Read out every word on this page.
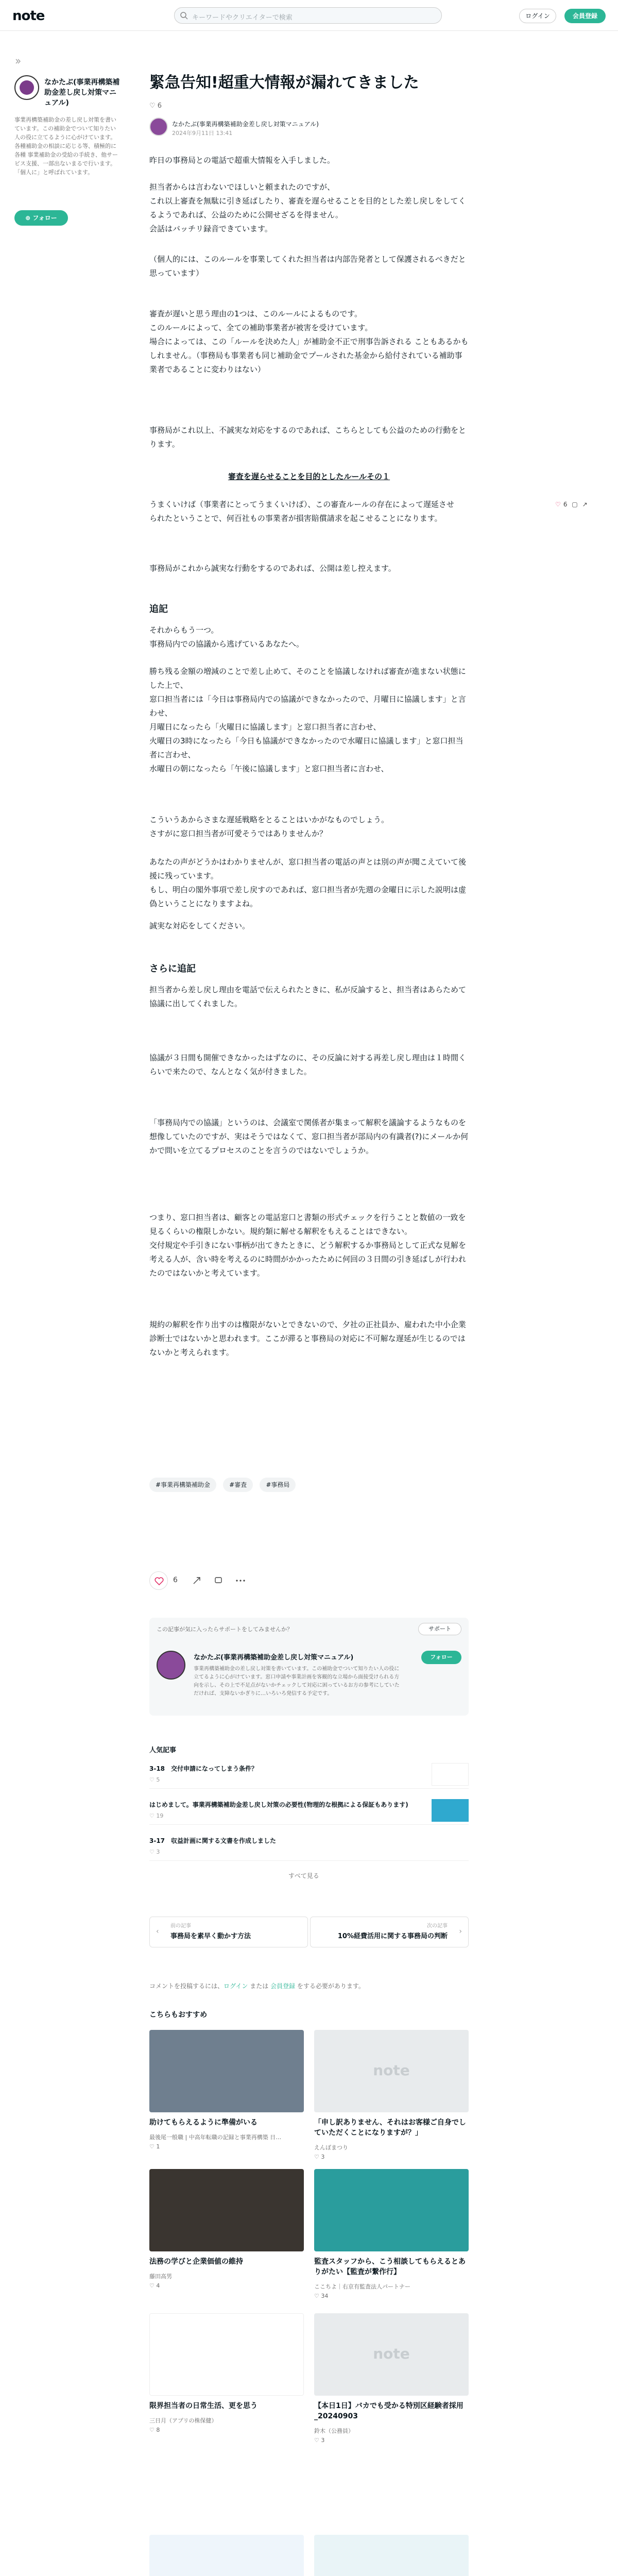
note	キーワードやクリエイターで検索	ログイン	会員登録
なかたぶ(事業再構築補助金差し戻し対策マニュアル)
事業再構築補助金の差し戻し対策を書いています。この補助金でついて知りたい人の役に立てるように心がけています。各種補助金の相談に応じる等、積極的に各種 事業補助金の受給の手続き、他サービス支援、一部出ないまるで行います。「個人に」と呼ばれています。
⊕ フォロー
緊急告知!超重大情報が漏れてきました
♡ 6
なかたぶ(事業再構築補助金差し戻し対策マニュアル)
2024年9月11日 13:41
昨日の事務局との電話で超重大情報を入手しました。
担当者からは言わないでほしいと頼まれたのですが、
これ以上審査を無駄に引き延ばしたり、審査を遅らせることを目的とした差し戻しをしてくるようであれば、公益のために公開せざるを得ません。
会話はバッチリ録音できています。
（個人的には、このルールを事業してくれた担当者は内部告発者として保護されるべきだと思っています）
審査が遅いと思う理由の1つは、このルールによるものです。
このルールによって、全ての補助事業者が被害を受けています。
場合によっては、この「ルールを決めた人」が補助金不正で刑事告訴される こともあるかもしれません。（事務局も事業者も同じ補助金でプールされた基金から給付されている補助事業者であることに変わりはない）
事務局がこれ以上、不誠実な対応をするのであれば、こちらとしても公益のための行動をとります。
審査を遅らせることを目的としたルールその１
うまくいけば（事業者にとってうまくいけば）、この審査ルールの存在によって遅延させられたということで、何百社もの事業者が損害賠償請求を起こせることになります。
事務局がこれから誠実な行動をするのであれば、公開は差し控えます。
追記
それからもう一つ。
事務局内での協議から逃げているあなたへ。
勝ち残る金額の増減のことで差し止めて、そのことを協議しなければ審査が進まない状態にした上で、
窓口担当者には「今日は事務局内での協議ができなかったので、月曜日に協議します」と言わせ、
月曜日になったら「火曜日に協議します」と窓口担当者に言わせ、
火曜日の3時になったら「今日も協議ができなかったので水曜日に協議します」と窓口担当者に言わせ、
水曜日の朝になったら「午後に協議します」と窓口担当者に言わせ、
こういうあからさまな遅延戦略をとることはいかがなものでしょう。
さすがに窓口担当者が可愛そうではありませんか？
あなたの声がどうかはわかりませんが、窓口担当者の電話の声とは別の声が聞こえていて後援に残っています。
もし、明白の閣外事項で差し戻すのであれば、窓口担当者が先週の金曜日に示した説明は虚偽ということになりますよね。
誠実な対応をしてください。
さらに追記
担当者から差し戻し理由を電話で伝えられたときに、私が反論すると、担当者はあらためて協議に出してくれました。
協議が３日間も開催できなかったはずなのに、その反論に対する再差し戻し理由は１時間くらいで来たので、なんとなく気が付きました。
「事務局内での協議」というのは、会議室で関係者が集まって解釈を議論するようなものを想像していたのですが、実はそうではなくて、窓口担当者が部局内の有識者(?)にメールか何かで問いを立てるプロセスのことを言うのではないでしょうか。
つまり、窓口担当者は、顧客との電話窓口と書類の形式チェックを行うことと数値の一致を見るくらいの権限しかない。規約類に解せる解釈をもえることはできない。
交付規定や手引きにない事柄が出てきたときに、どう解釈するか事務局として正式な見解を考える人が、含い時を考えるのに時間がかかったために何回の３日間の引き延ばしが行われたのではないかと考えています。
規約の解釈を作り出すのは権限がないとできないので、夕社の正社員か、雇われた中小企業診断士ではないかと思われます。ここが滞ると事務局の対応に不可解な遅延が生じるのではないかと考えられます。
♡ 6  ▢  ↗
#事業再構築補助金	#審査	#事務局
6
この記事が気に入ったらサポートをしてみませんか？	サポート
なかたぶ(事業再構築補助金差し戻し対策マニュアル)
事業再構築補助金の差し戻し対策を書いています。この補助金でついて知りたい人の役に立てるように心がけています。窓口申請や事業計画を客観的な立場から面接受けられる方向を示し、その上で不足点がないかチェックして対応に困っているお方の参考にしていただければ、支障ないかぎりに…いろいろ発信する予定です。
フォロー
人気記事
3-18　交付申請になってしまう条件？
♡ 5
はじめまして。事業再構築補助金差し戻し対策の必要性(物理的な根拠による保証もあります)
♡ 19
3-17　収益計画に関する文書を作成しました
♡ 3
すべて見る
‹
前の記事
事務局を素早く動かす方法
次の記事
10%経費活用に関する事務局の判断
›
コメントを投稿するには、ログイン または 会員登録 をする必要があります。
こちらもおすすめ
助けてもらえるように準備がいる
最後尾一般職 | 中高年転職の記録と事業再構築 日…
♡ 1
note
「申し訳ありません、それはお客様ご自身でしていただくことになりますが？」
えんぼまつり
♡ 3
法務の学びと企業価値の維持
藤田高男
♡ 4
監査スタッフから、こう相談してもらえるとありがたい【監査が繋作行】
ここちよ｜右京有監査法人パートナー
♡ 34
限界担当者の日常生活、更を思う
三日月（アプリの株保健）
♡ 8
note
【本日1日】バカでも受かる特別区経験者採用_20240903
鈴木（公務員）
♡ 3
